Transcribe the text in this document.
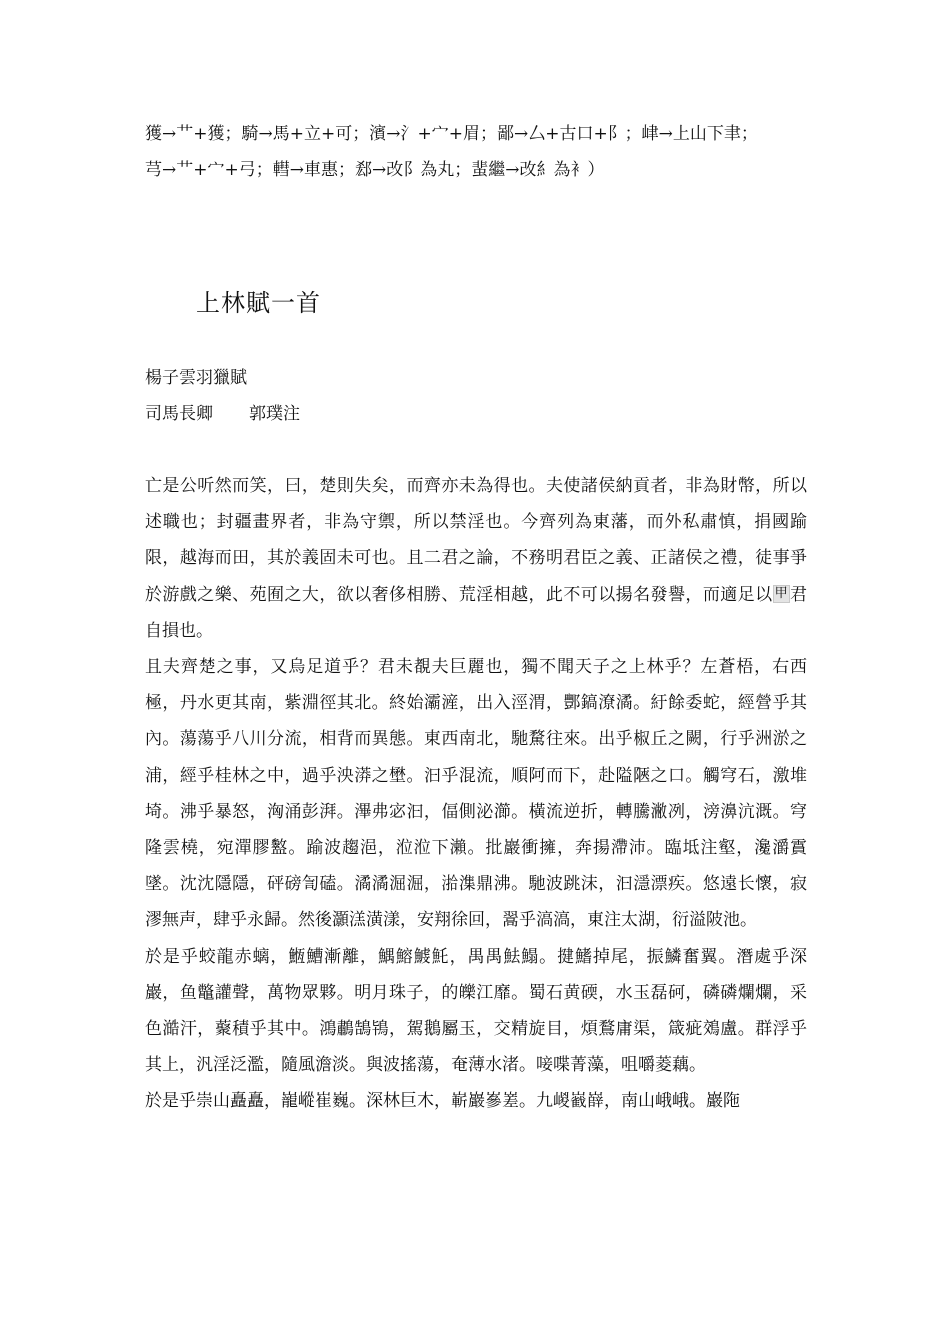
獲→艹+獲；騎→馬+立+可；濱→氵+宀+眉；鄙→厶+古口+阝；峍→上山下聿；

芎→艹+宀+弓；轊→車惠；郄→改阝為丸；蜚繼→改糹為衤）

上林賦一首

楊子雲羽獵賦

司馬長卿 郭璞注

亡是公听然而笑，曰，楚則失矣，而齊亦未為得也。夫使諸侯納貢者，非為財幣，所以述職也；封疆畫界者，非為守禦，所以禁淫也。今齊列為東藩，而外私肅慎，捐國踰限，越海而田，其於義固未可也。且二君之論，不務明君臣之義、正諸侯之禮，徒事爭於游戲之樂、苑囿之大，欲以奢侈相勝、荒淫相越，此不可以揚名發譽，而適足以 甲 君自損也。

且夫齊楚之事，又烏足道乎？君未覩夫巨麗也，獨不聞天子之上林乎？左蒼梧，右西極，丹水更其南，紫淵徑其北。終始灞滻，出入涇渭，酆鎬潦潏。紆餘委蛇，經營乎其內。蕩蕩乎八川分流，相背而異態。東西南北，馳騖往來。出乎椒丘之闕，行乎洲淤之浦，經乎桂林之中，過乎泱漭之壄。汩乎混流，順阿而下，赴隘陿之口。觸穹石，激堆埼。沸乎暴怒，洶涌彭湃。滭弗宓汩，偪側泌瀄。橫流逆折，轉騰潎冽，滂濞沆溉。穹隆雲橈，宛潬膠盭。踰波趨浥，涖涖下瀨。批巖衝擁，奔揚滯沛。臨坻注壑，瀺灂霣墜。沈沈隱隱，砰磅訇磕。潏潏淈淈，湁潗鼎沸。馳波跳沫，汩濦漂疾。悠遠长懷，寂漻無声，肆乎永歸。然後灝溔潢漾，安翔徐回，翯乎滈滈，東注太湖，衍溢陂池。

於是乎蛟龍赤螭，䱭鰽漸離，鰅鰫鰬魠，禺禺魼鰨。揵鰭掉尾，振鱗奮翼。潛處乎深巖，鱼鼈讙聲，萬物眾夥。明月珠子，的皪江靡。蜀石黄碝，水玉磊砢，磷磷爛爛，采色澔汗，藂積乎其中。鴻鷫鵠鴇，駕鵝屬玉，交精旋目，煩鶩庸渠，箴疵鵁盧。群浮乎其上，汎淫泛濫，隨風澹淡。與波搖蕩，奄薄水渚。唼喋菁藻，咀嚼菱藕。

於是乎崇山矗矗，巃嵷崔巍。深林巨木，嶄巖嵾嵳。九嵕巀嶭，南山峨峨。巖陁
